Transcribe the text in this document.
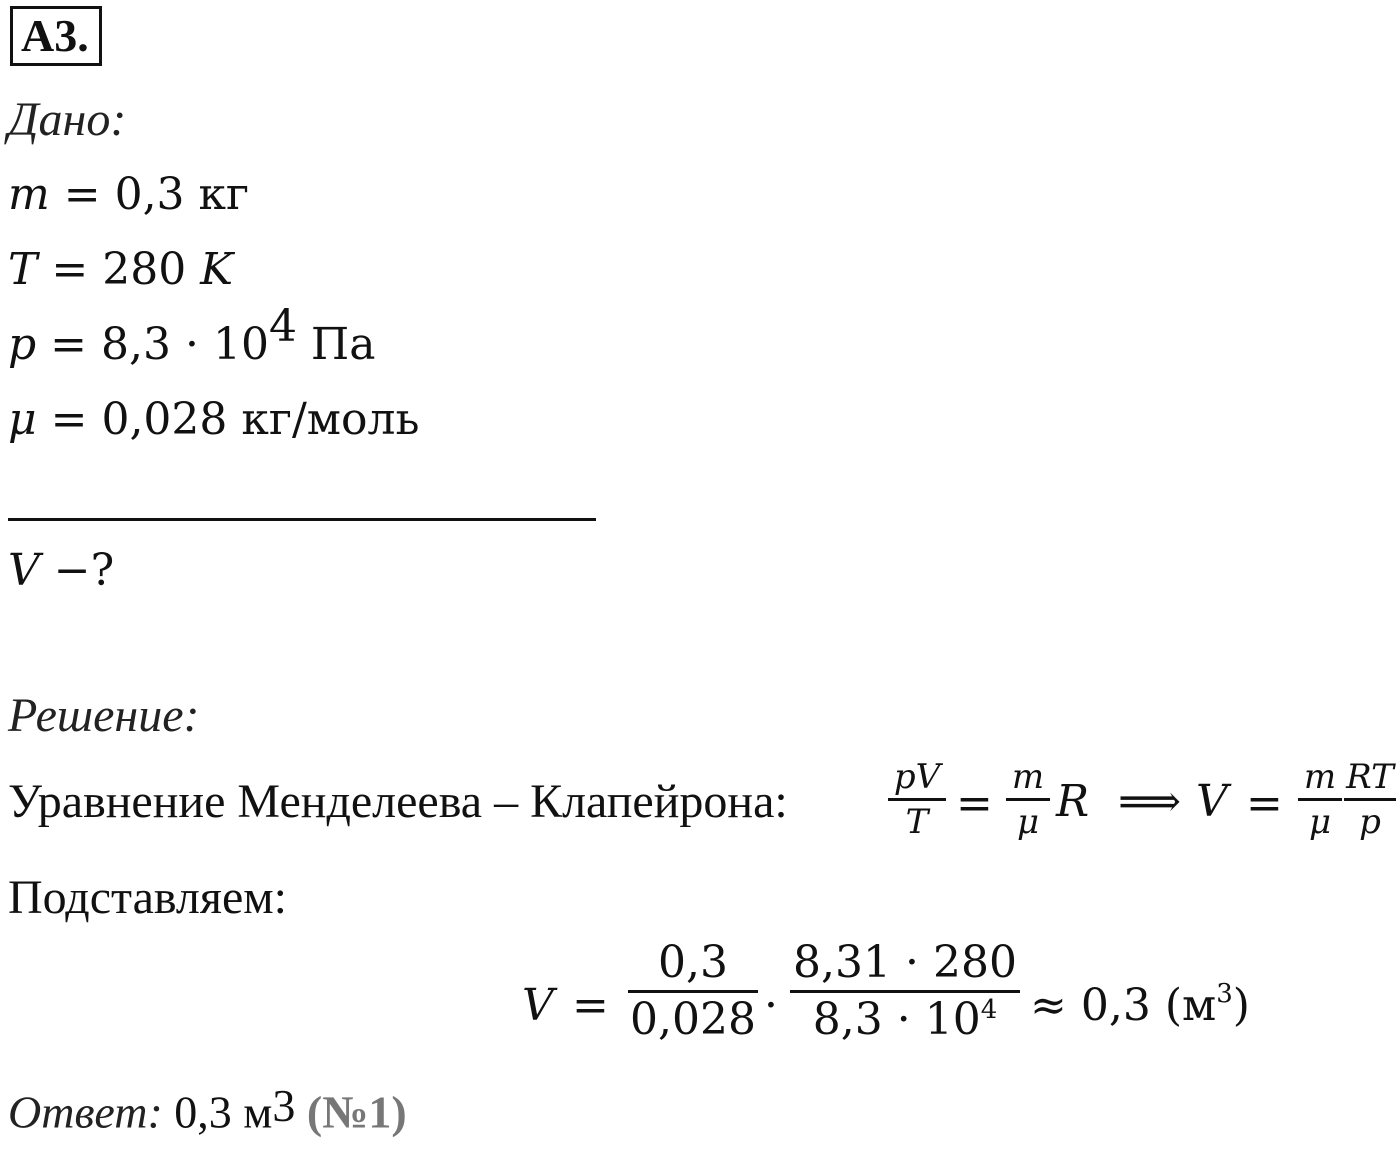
А3.
Дано:
m = 0,3 кг
T = 280 K
$p = 8,3 \cdot 10^4$ Па
μ = 0,028 кг/моль
V −?
Решение:
Уравнение Менделеева – Клапейрона:	pV
T =
m
μ R ⟹ V =
m
μ
RT
p
Подставляем:
V =
0,3
0,028 ·
8,31 · 280
$8,3 \cdot 10^4 \approx 0,3$ $(м^3)$
Ответ: 0,3 $м^3$ (№1)
